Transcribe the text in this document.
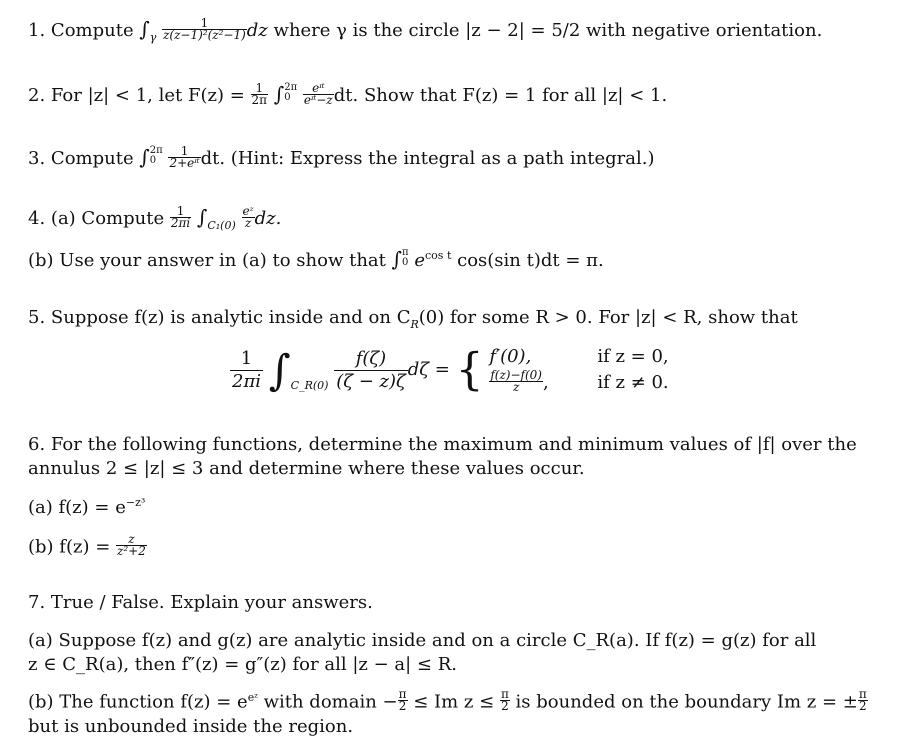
1. Compute $\int_\gamma \frac{1}{\text{z(z−1)²(z²−1)}}$ dz where γ is the circle |z − 2| = 5/2 with negative orientation.
2. For |z| < 1, let $F(z) = \frac{1}{2\pi}$ ∫ 2π
0
	$\frac{\text{eᶦᵗ}}{\text{eᶦᵗ−z}}$ dt. Show that F(z) = 1 for all |z| < 1.
3. Compute ∫ 2π
0
	$\frac{1}{\text{2+eᶦᵗ}}$ dt. (Hint: Express the integral as a path integral.)
4. (a) Compute $\frac{1}{2\pi i} \int_{C_1(0)} \frac{\text{eᶻ}}{z}$ dz.
(b) Use your answer in (a) to show that ∫ π
0 $e^{cos t}$ cos(sin t)dt = π.
5. Suppose f(z) is analytic inside and on $C_R(0)$ for some R > 0. For |z| < R, show that
$\frac{1}{2\pi i} \int_{C\_R(0)} \frac{f(\zeta)}{(\zeta - z)\zeta}$ dζ = { f′(0),	if z = 0,
$\frac{f(z)-f(0)}{z}$ ,	if z ≠ 0.
6. For the following functions, determine the maximum and minimum values of |f| over the
annulus 2 ≤ |z| ≤ 3 and determine where these values occur.
(a) $f(z) = e^{-z^3}$
(b) $f(z) = \frac{z}{\text{z²+2}}$
7. True / False. Explain your answers.
(a) Suppose f(z) and g(z) are analytic inside and on a circle C_R(a). If f(z) = g(z) for all
z ∈ C_R(a), then f″(z) = g″(z) for all |z − a| ≤ R.
(b) The function $f(z) = e^{eᶻ}$ with domain − $\frac{\pi}{2} \le Im$ $z \le \frac{\pi}{2}$ is bounded on the boundary Im z = ± $\frac{\pi}{2}$
but is unbounded inside the region.
